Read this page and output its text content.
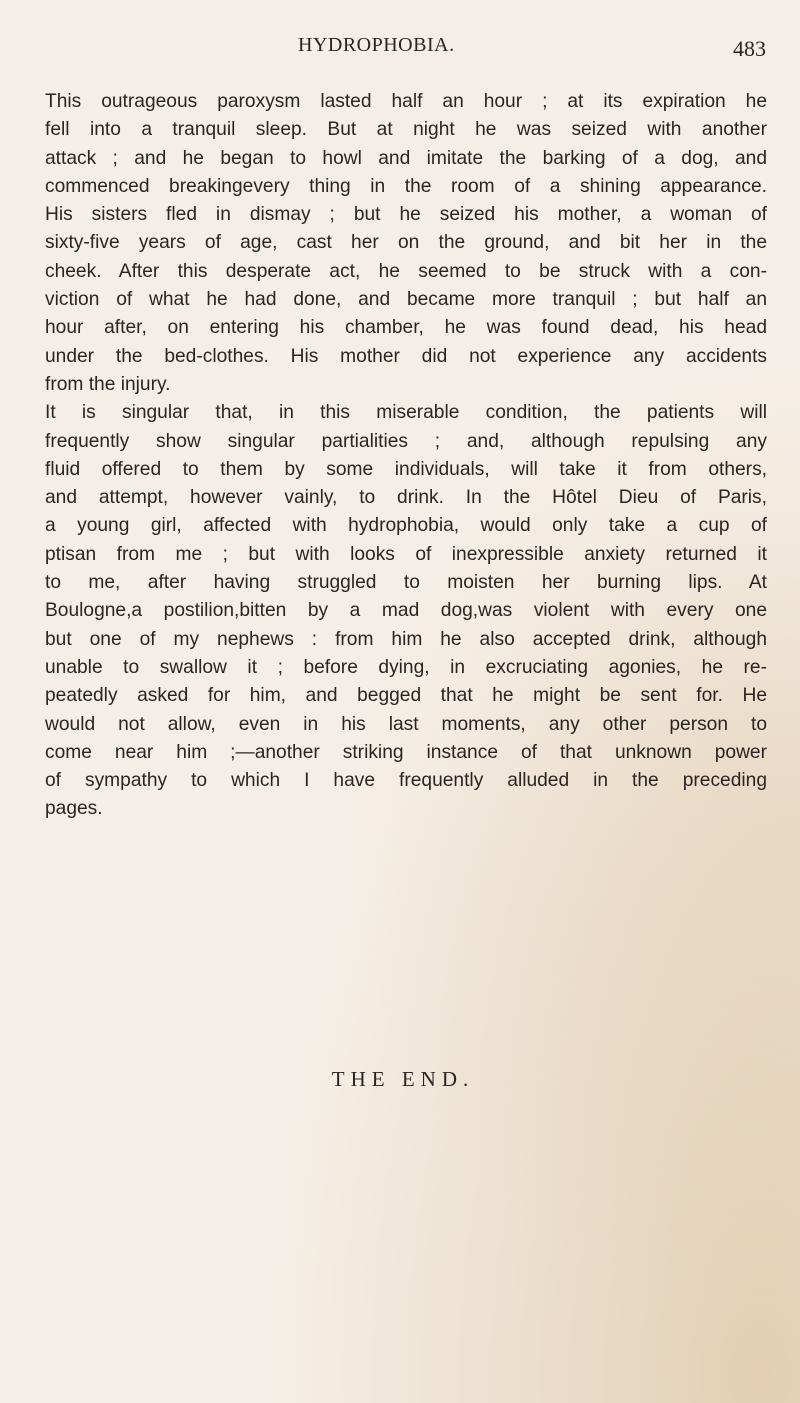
HYDROPHOBIA.	483
This outrageous paroxysm lasted half an hour ; at its expiration he
fell into a tranquil sleep. But at night he was seized with another
attack ; and he began to howl and imitate the barking of a dog, and
commenced breakingevery thing in the room of a shining appearance.
His sisters fled in dismay ; but he seized his mother, a woman of
sixty-five years of age, cast her on the ground, and bit her in the
cheek. After this desperate act, he seemed to be struck with a con-
viction of what he had done, and became more tranquil ; but half an
hour after, on entering his chamber, he was found dead, his head
under the bed-clothes. His mother did not experience any accidents
from the injury.
It is singular that, in this miserable condition, the patients will
frequently show singular partialities ; and, although repulsing any
fluid offered to them by some individuals, will take it from others,
and attempt, however vainly, to drink. In the Hôtel Dieu of Paris,
a young girl, affected with hydrophobia, would only take a cup of
ptisan from me ; but with looks of inexpressible anxiety returned it
to me, after having struggled to moisten her burning lips. At
Boulogne,a postilion,bitten by a mad dog,was violent with every one
but one of my nephews : from him he also accepted drink, although
unable to swallow it ; before dying, in excruciating agonies, he re-
peatedly asked for him, and begged that he might be sent for. He
would not allow, even in his last moments, any other person to
come near him ;—another striking instance of that unknown power
of sympathy to which I have frequently alluded in the preceding
pages.
THE END.
